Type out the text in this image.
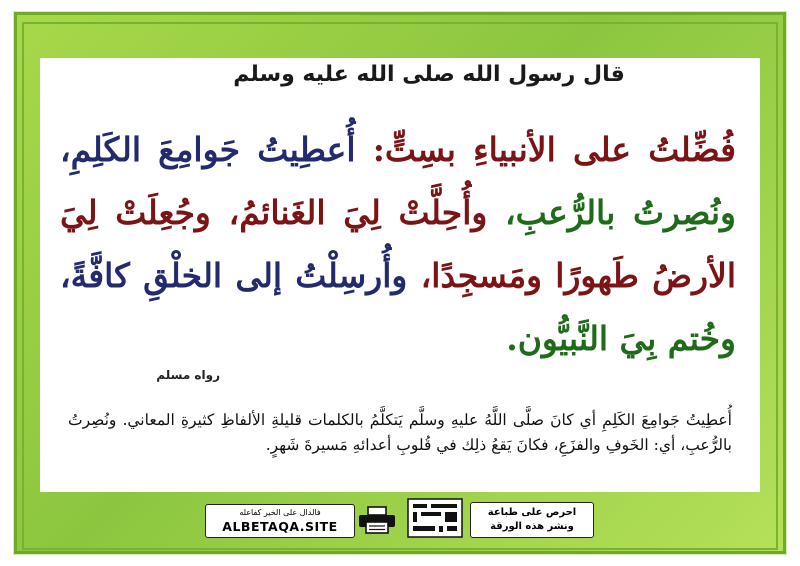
قال رسول الله صلى الله عليه وسلم

فُضِّلتُ على الأنبياءِ بسِتٍّ: أُعطِيتُ جَوامِعَ الكَلِمِ، ونُصِرتُ بالرُّعبِ، وأُحِلَّتْ لِيَ الغَنائمُ، وجُعِلَتْ لِيَ الأرضُ طَهورًا ومَسجِدًا، وأُرسِلْتُ إلى الخلْقِ كافَّةً، وخُتم بِيَ النَّبيُّون.

رواه مسلم

أُعطِيتُ جَوامِعَ الكَلِمِ أي كانَ صلَّى اللَّهُ عليهِ وسلَّم يَتكلَّمُ بالكلمات قليلةِ الألفاظِ كثيرةِ المعاني. ونُصِرتُ بالرُّعبِ، أي: الخَوفِ والفزَعِ، فكانَ يَقعُ ذلِك في قُلوبِ أعدائهِ مَسيرةَ شَهرٍ.

فالدال على الخير كفاعله
ALBETAQA.SITE
احرص على طباعة
ونشر هذه الورقة
